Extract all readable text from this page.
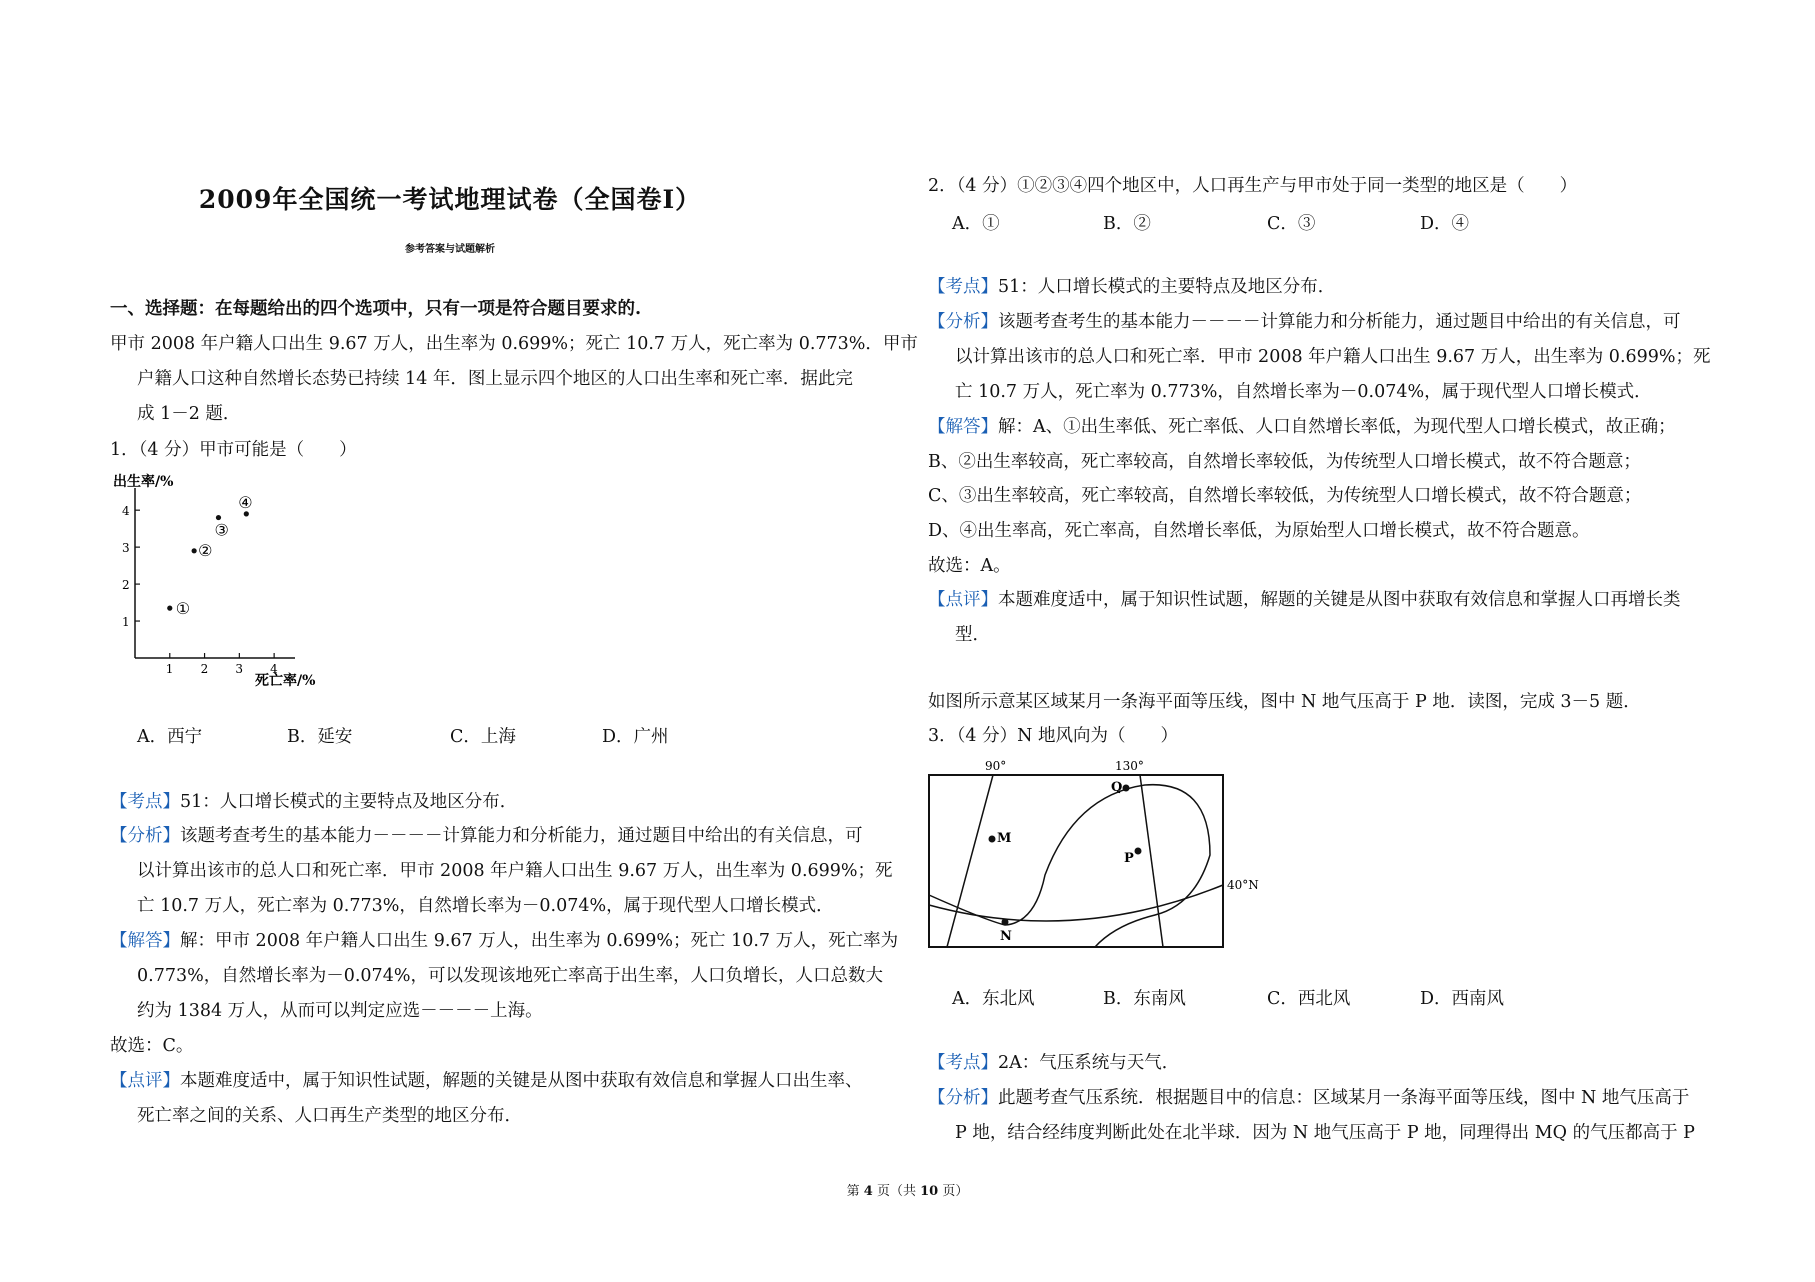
2009年全国统一考试地理试卷（全国卷Ⅰ）
参考答案与试题解析
一、选择题：在每题给出的四个选项中，只有一项是符合题目要求的.
甲市 2008 年户籍人口出生 9.67 万人，出生率为 0.699%；死亡 10.7 万人，死亡率为 0.773%．甲市
户籍人口这种自然增长态势已持续 14 年．图上显示四个地区的人口出生率和死亡率．据此完
成 1－2 题．
1．（4 分）甲市可能是（　　）
出生率/%
死亡率/%
1 2 3 4
1
2
3
4
①
②
③
④
A．西宁	B．延安	C．上海	D．广州
【考点】51：人口增长模式的主要特点及地区分布．
【分析】该题考查考生的基本能力－－－－计算能力和分析能力，通过题目中给出的有关信息，可
以计算出该市的总人口和死亡率．甲市 2008 年户籍人口出生 9.67 万人，出生率为 0.699%；死
亡 10.7 万人，死亡率为 0.773%，自然增长率为－0.074%，属于现代型人口增长模式．
【解答】解：甲市 2008 年户籍人口出生 9.67 万人，出生率为 0.699%；死亡 10.7 万人，死亡率为
0.773%，自然增长率为－0.074%，可以发现该地死亡率高于出生率，人口负增长，人口总数大
约为 1384 万人，从而可以判定应选－－－－上海。
故选：C。
【点评】本题难度适中，属于知识性试题，解题的关键是从图中获取有效信息和掌握人口出生率、
死亡率之间的关系、人口再生产类型的地区分布．
2．（4 分）①②③④四个地区中，人口再生产与甲市处于同一类型的地区是（　　）
A．①	B．②	C．③	D．④
【考点】51：人口增长模式的主要特点及地区分布．
【分析】该题考查考生的基本能力－－－－计算能力和分析能力，通过题目中给出的有关信息，可
以计算出该市的总人口和死亡率．甲市 2008 年户籍人口出生 9.67 万人，出生率为 0.699%；死
亡 10.7 万人，死亡率为 0.773%，自然增长率为－0.074%，属于现代型人口增长模式．
【解答】解：A、①出生率低、死亡率低、人口自然增长率低，为现代型人口增长模式，故正确；
B、②出生率较高，死亡率较高，自然增长率较低，为传统型人口增长模式，故不符合题意；
C、③出生率较高，死亡率较高，自然增长率较低，为传统型人口增长模式，故不符合题意；
D、④出生率高，死亡率高，自然增长率低，为原始型人口增长模式，故不符合题意。
故选：A。
【点评】本题难度适中，属于知识性试题，解题的关键是从图中获取有效信息和掌握人口再增长类
型．
如图所示意某区域某月一条海平面等压线，图中 N 地气压高于 P 地．读图，完成 3－5 题．
3．（4 分）N 地风向为（　　）
90°	130°
40°N
M
Q
P
N
A．东北风	B．东南风	C．西北风	D．西南风
【考点】2A：气压系统与天气．
【分析】此题考查气压系统．根据题目中的信息：区域某月一条海平面等压线，图中 N 地气压高于
P 地，结合经纬度判断此处在北半球．因为 N 地气压高于 P 地，同理得出 MQ 的气压都高于 P
第 4 页（共 10 页）
